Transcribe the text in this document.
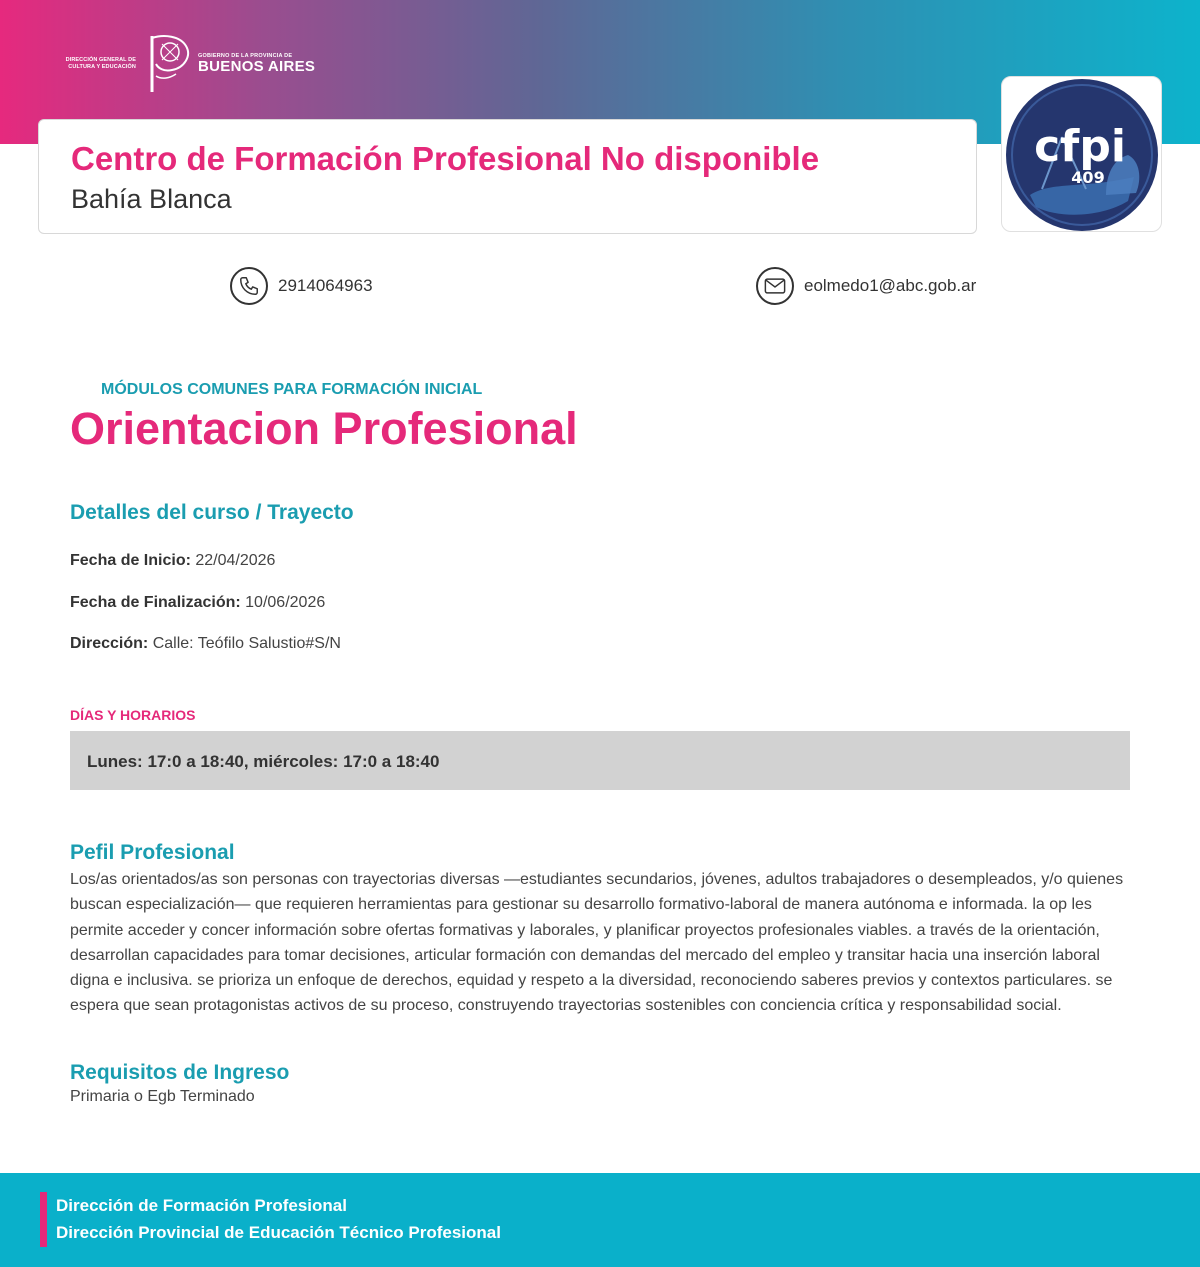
DIRECCIÓN GENERAL DE CULTURA Y EDUCACIÓN
GOBIERNO DE LA PROVINCIA DE
BUENOS AIRES
Centro de Formación Profesional No disponible
Bahía Blanca
cfpi
409
2914064963	eolmedo1@abc.gob.ar
MÓDULOS COMUNES PARA FORMACIÓN INICIAL
Orientacion Profesional
Detalles del curso / Trayecto
Fecha de Inicio: 22/04/2026
Fecha de Finalización: 10/06/2026
Dirección: Calle: Teófilo Salustio#S/N
DÍAS Y HORARIOS
Lunes: 17:0 a 18:40, miércoles: 17:0 a 18:40
Pefil Profesional
Los/as orientados/as son personas con trayectorias diversas —estudiantes secundarios, jóvenes, adultos trabajadores o desempleados, y/o quienes buscan especialización— que requieren herramientas para gestionar su desarrollo formativo-laboral de manera autónoma e informada. la op les permite acceder y concer información sobre ofertas formativas y laborales, y planificar proyectos profesionales viables. a través de la orientación, desarrollan capacidades para tomar decisiones, articular formación con demandas del mercado del empleo y transitar hacia una inserción laboral digna e inclusiva. se prioriza un enfoque de derechos, equidad y respeto a la diversidad, reconociendo saberes previos y contextos particulares. se espera que sean protagonistas activos de su proceso, construyendo trayectorias sostenibles con conciencia crítica y responsabilidad social.
Requisitos de Ingreso
Primaria o Egb Terminado
Dirección de Formación Profesional
Dirección Provincial de Educación Técnico Profesional
